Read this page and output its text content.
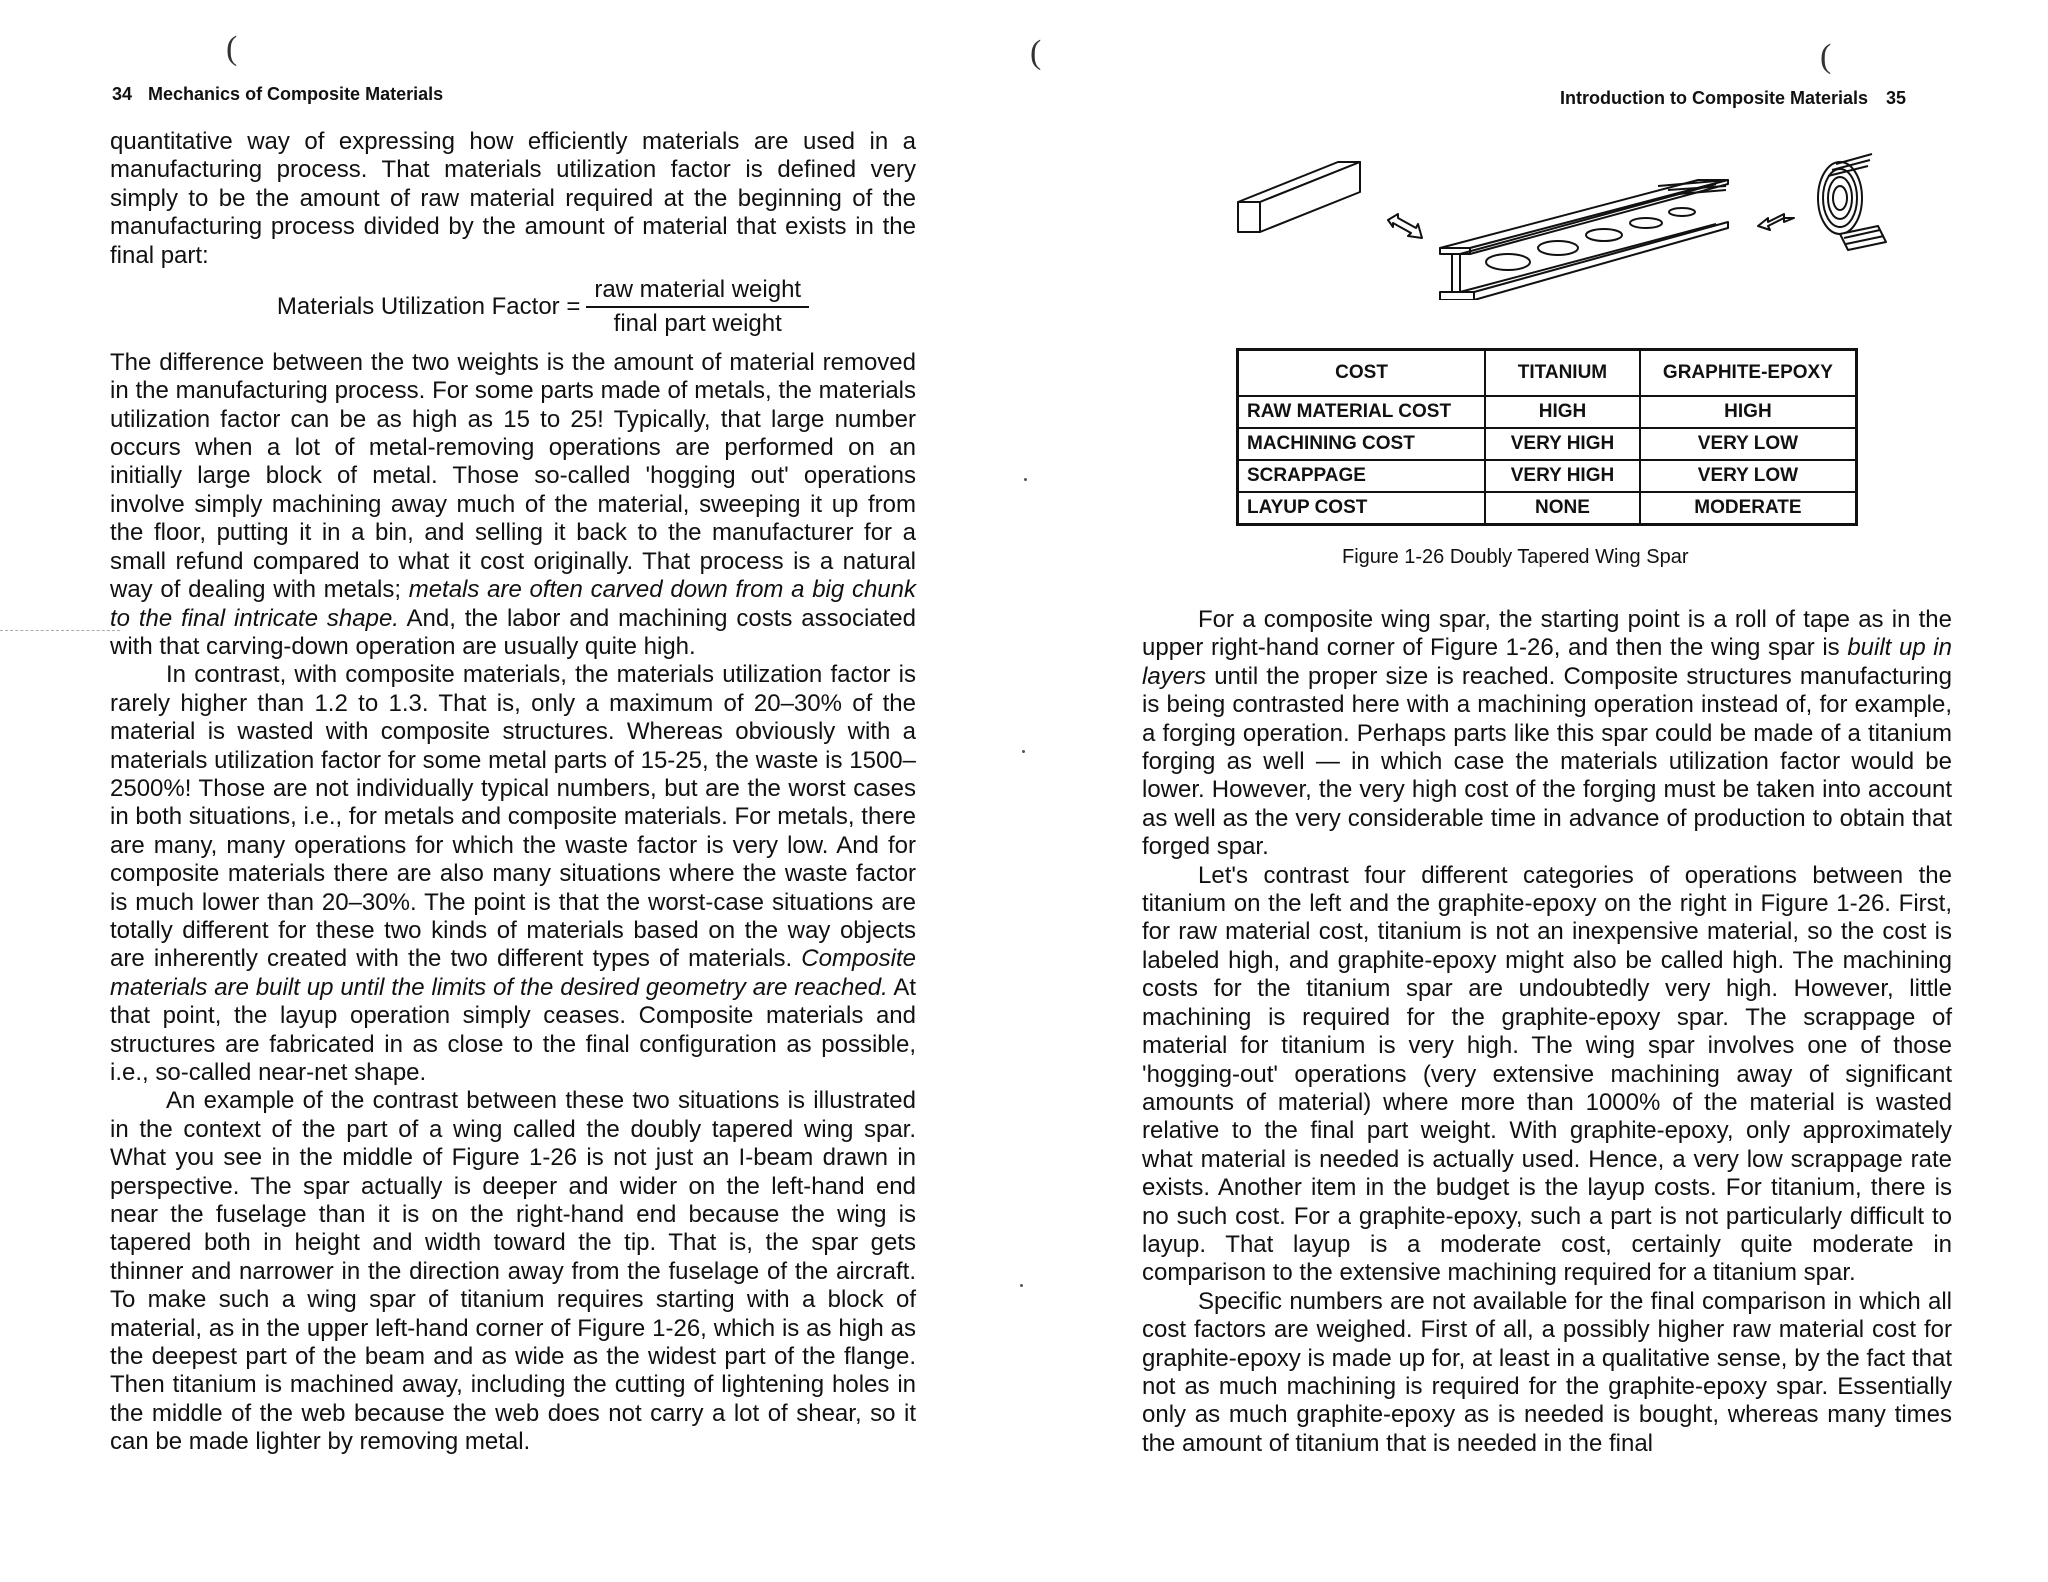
(	(	(
34 Mechanics of Composite Materials	Introduction to Composite Materials 35

quantitative way of expressing how efficiently materials are used in a manufacturing process. That materials utilization factor is defined very simply to be the amount of raw material required at the beginning of the manufacturing process divided by the amount of material that exists in the final part:

Materials Utilization Factor = $\frac{\text{raw material weight}}{\text{final part weight}}$

The difference between the two weights is the amount of material removed in the manufacturing process. For some parts made of metals, the materials utilization factor can be as high as 15 to 25! Typically, that large number occurs when a lot of metal-removing operations are performed on an initially large block of metal. Those so-called 'hogging out' operations involve simply machining away much of the material, sweeping it up from the floor, putting it in a bin, and selling it back to the manufacturer for a small refund compared to what it cost originally. That process is a natural way of dealing with metals; metals are often carved down from a big chunk to the final intricate shape. And, the labor and machining costs associated with that carving-down operation are usually quite high.

In contrast, with composite materials, the materials utilization factor is rarely higher than 1.2 to 1.3. That is, only a maximum of 20–30% of the material is wasted with composite structures. Whereas obviously with a materials utilization factor for some metal parts of 15-25, the waste is 1500–2500%! Those are not individually typical numbers, but are the worst cases in both situations, i.e., for metals and composite materials. For metals, there are many, many operations for which the waste factor is very low. And for composite materials there are also many situations where the waste factor is much lower than 20–30%. The point is that the worst-case situations are totally different for these two kinds of materials based on the way objects are inherently created with the two different types of materials. Composite materials are built up until the limits of the desired geometry are reached. At that point, the layup operation simply ceases. Composite materials and structures are fabricated in as close to the final configuration as possible, i.e., so-called near-net shape.

An example of the contrast between these two situations is illustrated in the context of the part of a wing called the doubly tapered wing spar. What you see in the middle of Figure 1-26 is not just an I-beam drawn in perspective. The spar actually is deeper and wider on the left-hand end near the fuselage than it is on the right-hand end because the wing is tapered both in height and width toward the tip. That is, the spar gets thinner and narrower in the direction away from the fuselage of the aircraft. To make such a wing spar of titanium requires starting with a block of material, as in the upper left-hand corner of Figure 1-26, which is as high as the deepest part of the beam and as wide as the widest part of the flange. Then titanium is machined away, including the cutting of lightening holes in the middle of the web because the web does not carry a lot of shear, so it can be made lighter by removing metal.

COST	TITANIUM	GRAPHITE-EPOXY
RAW MATERIAL COST	HIGH	HIGH
MACHINING COST	VERY HIGH	VERY LOW
SCRAPPAGE	VERY HIGH	VERY LOW
LAYUP COST	NONE	MODERATE
Figure 1-26 Doubly Tapered Wing Spar

For a composite wing spar, the starting point is a roll of tape as in the upper right-hand corner of Figure 1-26, and then the wing spar is built up in layers until the proper size is reached. Composite structures manufacturing is being contrasted here with a machining operation instead of, for example, a forging operation. Perhaps parts like this spar could be made of a titanium forging as well — in which case the materials utilization factor would be lower. However, the very high cost of the forging must be taken into account as well as the very considerable time in advance of production to obtain that forged spar.

Let's contrast four different categories of operations between the titanium on the left and the graphite-epoxy on the right in Figure 1-26. First, for raw material cost, titanium is not an inexpensive material, so the cost is labeled high, and graphite-epoxy might also be called high. The machining costs for the titanium spar are undoubtedly very high. However, little machining is required for the graphite-epoxy spar. The scrappage of material for titanium is very high. The wing spar involves one of those 'hogging-out' operations (very extensive machining away of significant amounts of material) where more than 1000% of the material is wasted relative to the final part weight. With graphite-epoxy, only approximately what material is needed is actually used. Hence, a very low scrappage rate exists. Another item in the budget is the layup costs. For titanium, there is no such cost. For a graphite-epoxy, such a part is not particularly difficult to layup. That layup is a moderate cost, certainly quite moderate in comparison to the extensive machining required for a titanium spar.

Specific numbers are not available for the final comparison in which all cost factors are weighed. First of all, a possibly higher raw material cost for graphite-epoxy is made up for, at least in a qualitative sense, by the fact that not as much machining is required for the graphite-epoxy spar. Essentially only as much graphite-epoxy as is needed is bought, whereas many times the amount of titanium that is needed in the final
